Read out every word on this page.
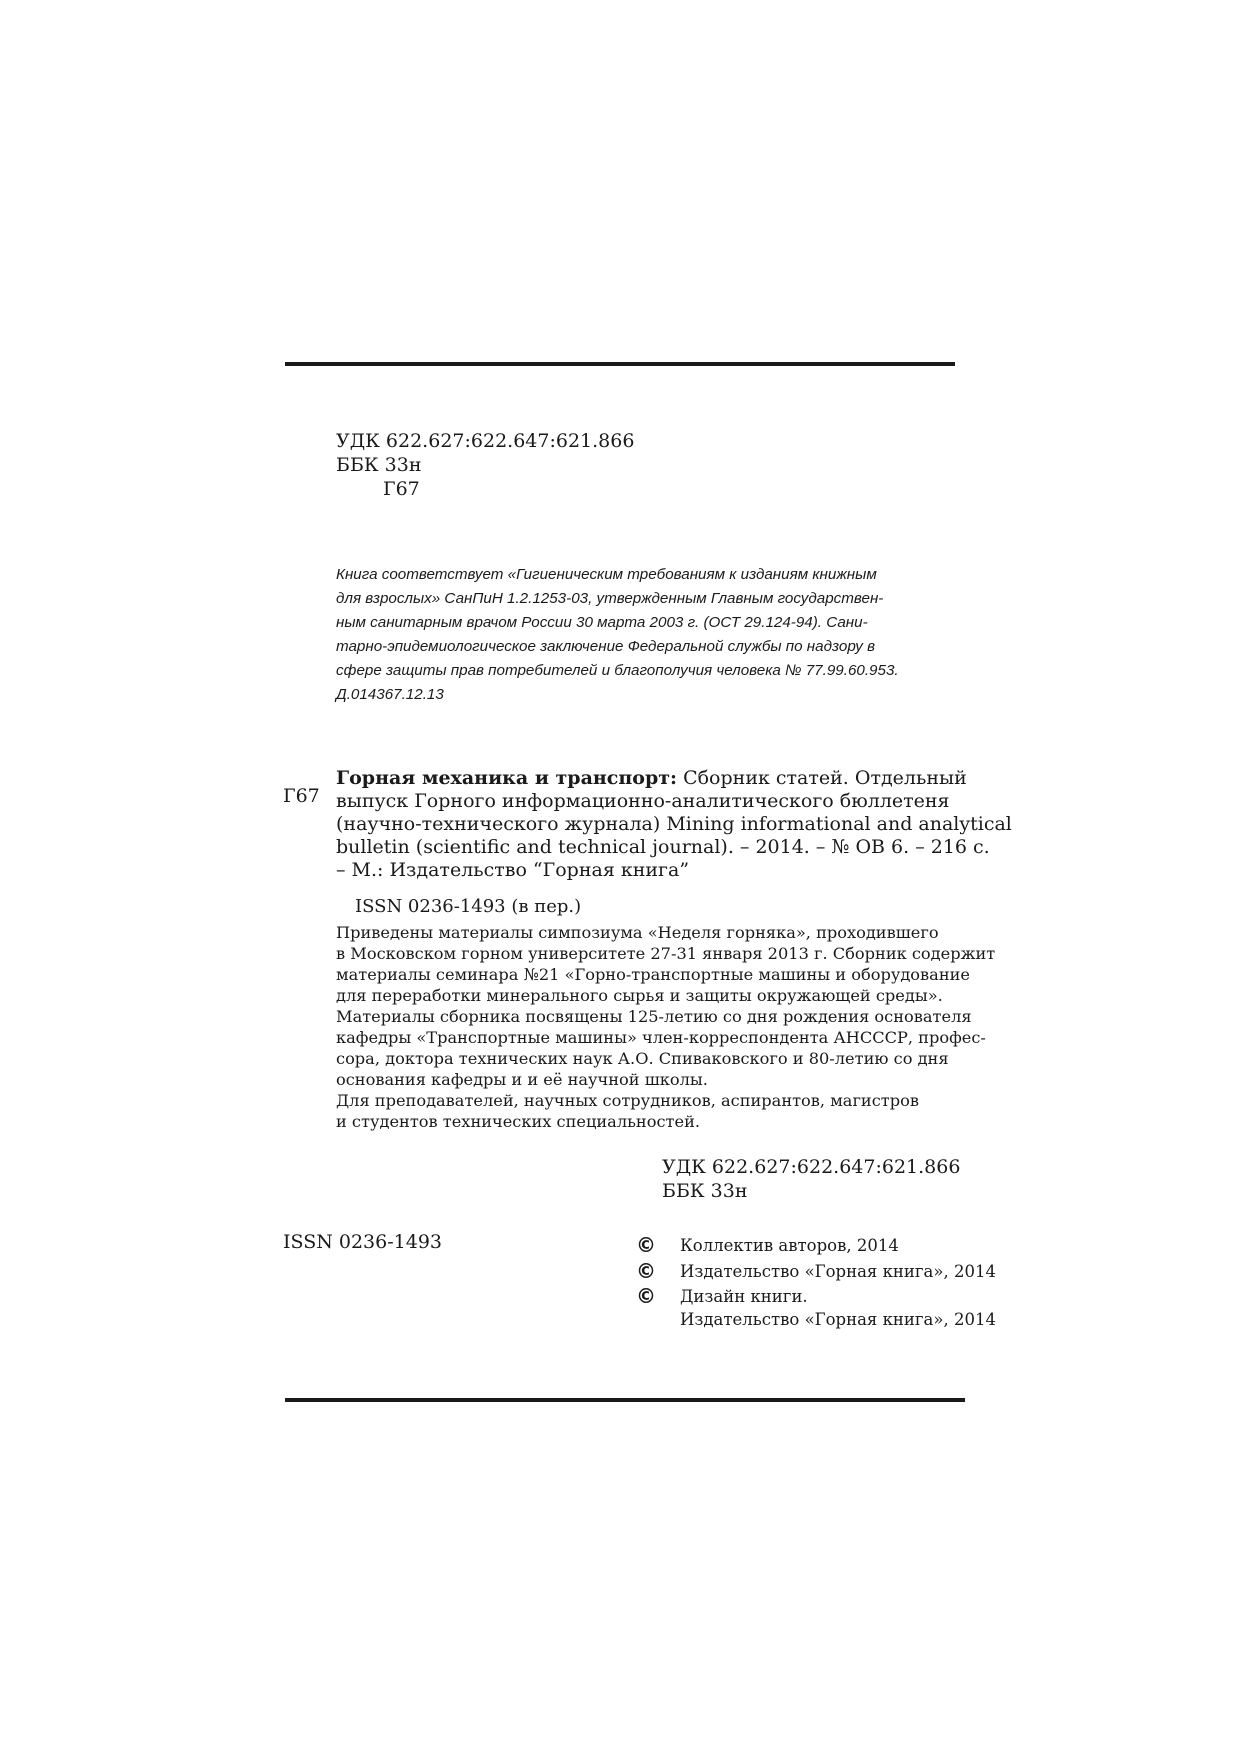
УДК 622.627:622.647:621.866
ББК 33н
Г67
Книга соответствует «Гигиеническим требованиям к изданиям книжным
для взрослых» СанПиН 1.2.1253-03, утвержденным Главным государствен-
ным санитарным врачом России 30 марта 2003 г. (ОСТ 29.124-94). Сани-
тарно-эпидемиологическое заключение Федеральной службы по надзору в
сфере защиты прав потребителей и благополучия человека № 77.99.60.953.
Д.014367.12.13
Г67
Горная механика и транспорт: Сборник статей. Отдельный
выпуск Горного информационно-аналитического бюллетеня
(научно-технического журнала) Mining informational and analytical
bulletin (scientific and technical journal). – 2014. – № ОВ 6. – 216 с.
– М.: Издательство “Горная книга”
ISSN 0236-1493 (в пер.)
Приведены материалы симпозиума «Неделя горняка», проходившего
в Московском горном университете 27-31 января 2013 г. Сборник содержит
материалы семинара №21 «Горно-транспортные машины и оборудование
для переработки минерального сырья и защиты окружающей среды».
Материалы сборника посвящены 125-летию со дня рождения основателя
кафедры «Транспортные машины» член-корреспондента АНСССР, профес-
сора, доктора технических наук А.О. Спиваковского и 80-летию со дня
основания кафедры и и её научной школы.
Для преподавателей, научных сотрудников, аспирантов, магистров
и студентов технических специальностей.
УДК 622.627:622.647:621.866
ББК 33н
ISSN 0236-1493	© Коллектив авторов, 2014
© Издательство «Горная книга», 2014
© Дизайн книги.
Издательство «Горная книга», 2014
